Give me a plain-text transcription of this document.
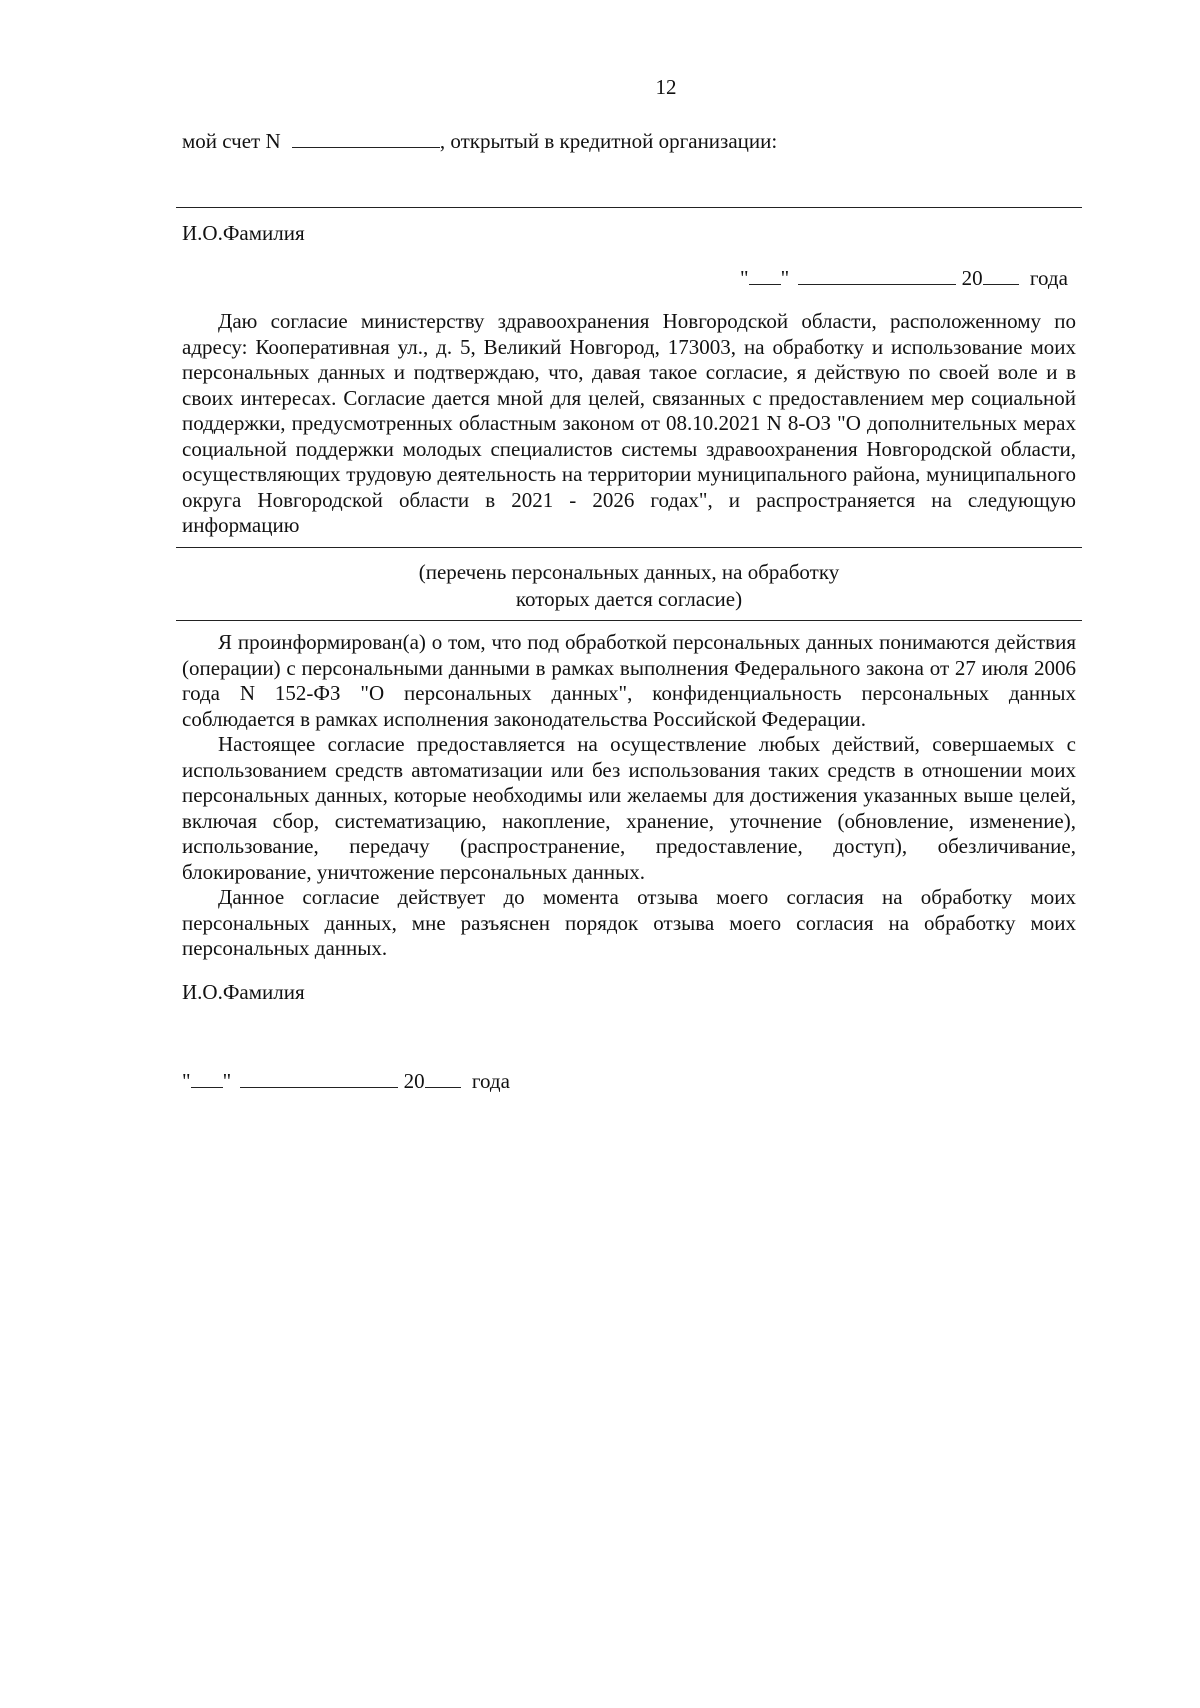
12
мой счет N	, открытый в кредитной организации:
И.О.Фамилия
" "	20 года

Даю согласие министерству здравоохранения Новгородской области, расположенному по адресу: Кооперативная ул., д. 5, Великий Новгород, 173003, на обработку и использование моих персональных данных и подтверждаю, что, давая такое согласие, я действую по своей воле и в своих интересах. Согласие дается мной для целей, связанных с предоставлением мер социальной поддержки, предусмотренных областным законом от 08.10.2021 N 8-ОЗ "О дополнительных мерах социальной поддержки молодых специалистов системы здравоохранения Новгородской области, осуществляющих трудовую деятельность на территории муниципального района, муниципального округа Новгородской области в 2021 - 2026 годах", и распространяется на следующую информацию

(перечень персональных данных, на обработку
которых дается согласие)

Я проинформирован(а) о том, что под обработкой персональных данных понимаются действия (операции) с персональными данными в рамках выполнения Федерального закона от 27 июля 2006 года N 152-ФЗ "О персональных данных", конфиденциальность персональных данных соблюдается в рамках исполнения законодательства Российской Федерации.

Настоящее согласие предоставляется на осуществление любых действий, совершаемых с использованием средств автоматизации или без использования таких средств в отношении моих персональных данных, которые необходимы или желаемы для достижения указанных выше целей, включая сбор, систематизацию, накопление, хранение, уточнение (обновление, изменение), использование, передачу (распространение, предоставление, доступ), обезличивание, блокирование, уничтожение персональных данных.

Данное согласие действует до момента отзыва моего согласия на обработку моих персональных данных, мне разъяснен порядок отзыва моего согласия на обработку моих персональных данных.

И.О.Фамилия
" "	20 года
